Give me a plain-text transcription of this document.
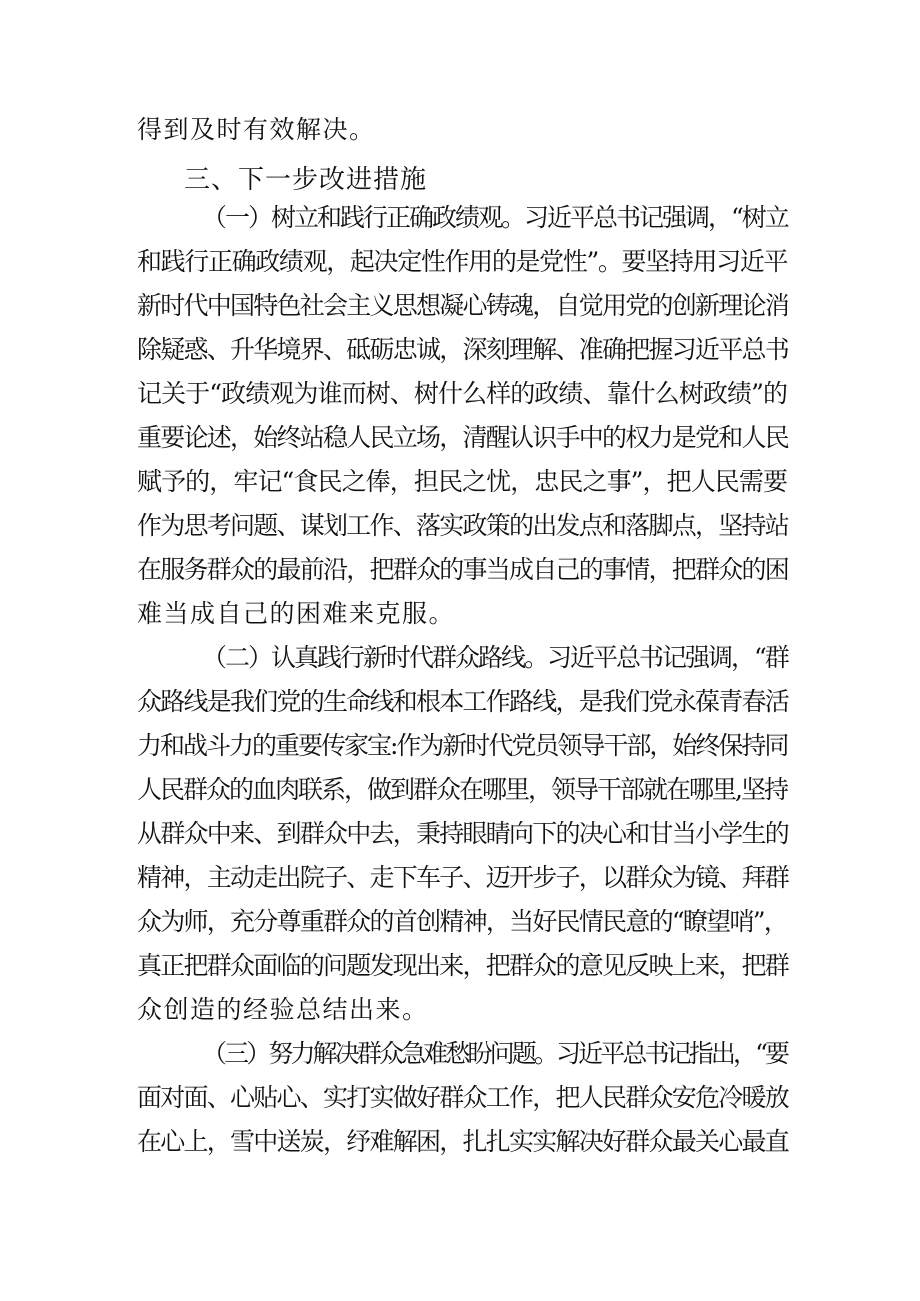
得到及时有效解决。
三、下一步改进措施
（一）树立和践行正确政绩观。习近平总书记强调，“树立
和践行正确政绩观，起决定性作用的是党性”。要坚持用习近平
新时代中国特色社会主义思想凝心铸魂，自觉用党的创新理论消
除疑惑、升华境界、砥砺忠诚，深刻理解、准确把握习近平总书
记关于“政绩观为谁而树、树什么样的政绩、靠什么树政绩”的
重要论述，始终站稳人民立场，清醒认识手中的权力是党和人民
赋予的，牢记“食民之俸，担民之忧，忠民之事”，把人民需要
作为思考问题、谋划工作、落实政策的出发点和落脚点，坚持站
在服务群众的最前沿，把群众的事当成自己的事情，把群众的困
难当成自己的困难来克服。
（二）认真践行新时代群众路线。习近平总书记强调，“群
众路线是我们党的生命线和根本工作路线，是我们党永葆青春活
力和战斗力的重要传家宝:作为新时代党员领导干部，始终保持同
人民群众的血肉联系，做到群众在哪里，领导干部就在哪里,坚持
从群众中来、到群众中去，秉持眼睛向下的决心和甘当小学生的
精神，主动走出院子、走下车子、迈开步子，以群众为镜、拜群
众为师，充分尊重群众的首创精神，当好民情民意的“瞭望哨”，
真正把群众面临的问题发现出来，把群众的意见反映上来，把群
众创造的经验总结出来。
（三）努力解决群众急难愁盼问题。习近平总书记指出，“要
面对面、心贴心、实打实做好群众工作，把人民群众安危冷暖放
在心上，雪中送炭，纾难解困，扎扎实实解决好群众最关心最直
